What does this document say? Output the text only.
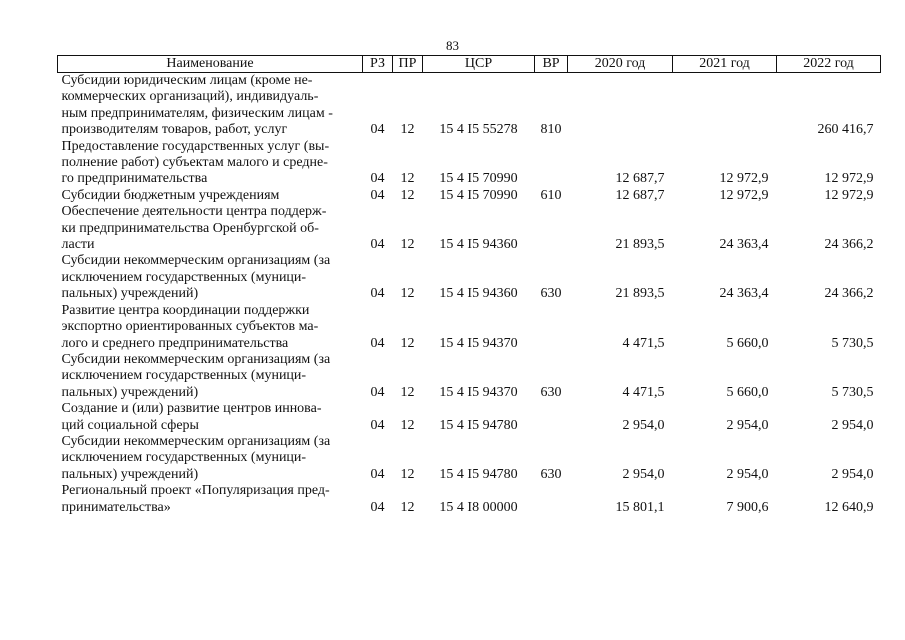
83
Наименование	РЗ	ПР	ЦСР	ВР	2020 год	2021 год	2022 год

Субсидии юридическим лицам (кроме не-
коммерческих организаций), индивидуаль-
ным предпринимателям, физическим лицам -
производителям товаров, работ, услуг	04	12	15 4 I5 55278	810			260 416,7

Предоставление государственных услуг (вы-
полнение работ) субъектам малого и средне-
го предпринимательства	04	12	15 4 I5 70990		12 687,7	12 972,9	12 972,9

Субсидии бюджетным учреждениям	04	12	15 4 I5 70990	610	12 687,7	12 972,9	12 972,9

Обеспечение деятельности центра поддерж-
ки предпринимательства Оренбургской об-
ласти	04	12	15 4 I5 94360		21 893,5	24 363,4	24 366,2

Субсидии некоммерческим организациям (за
исключением государственных (муници-
пальных) учреждений)	04	12	15 4 I5 94360	630	21 893,5	24 363,4	24 366,2

Развитие центра координации поддержки
экспортно ориентированных субъектов ма-
лого и среднего предпринимательства	04	12	15 4 I5 94370		4 471,5	5 660,0	5 730,5

Субсидии некоммерческим организациям (за
исключением государственных (муници-
пальных) учреждений)	04	12	15 4 I5 94370	630	4 471,5	5 660,0	5 730,5

Создание и (или) развитие центров иннова-
ций социальной сферы	04	12	15 4 I5 94780		2 954,0	2 954,0	2 954,0

Субсидии некоммерческим организациям (за
исключением государственных (муници-
пальных) учреждений)	04	12	15 4 I5 94780	630	2 954,0	2 954,0	2 954,0

Региональный проект «Популяризация пред-
принимательства»	04	12	15 4 I8 00000		15 801,1	7 900,6	12 640,9
